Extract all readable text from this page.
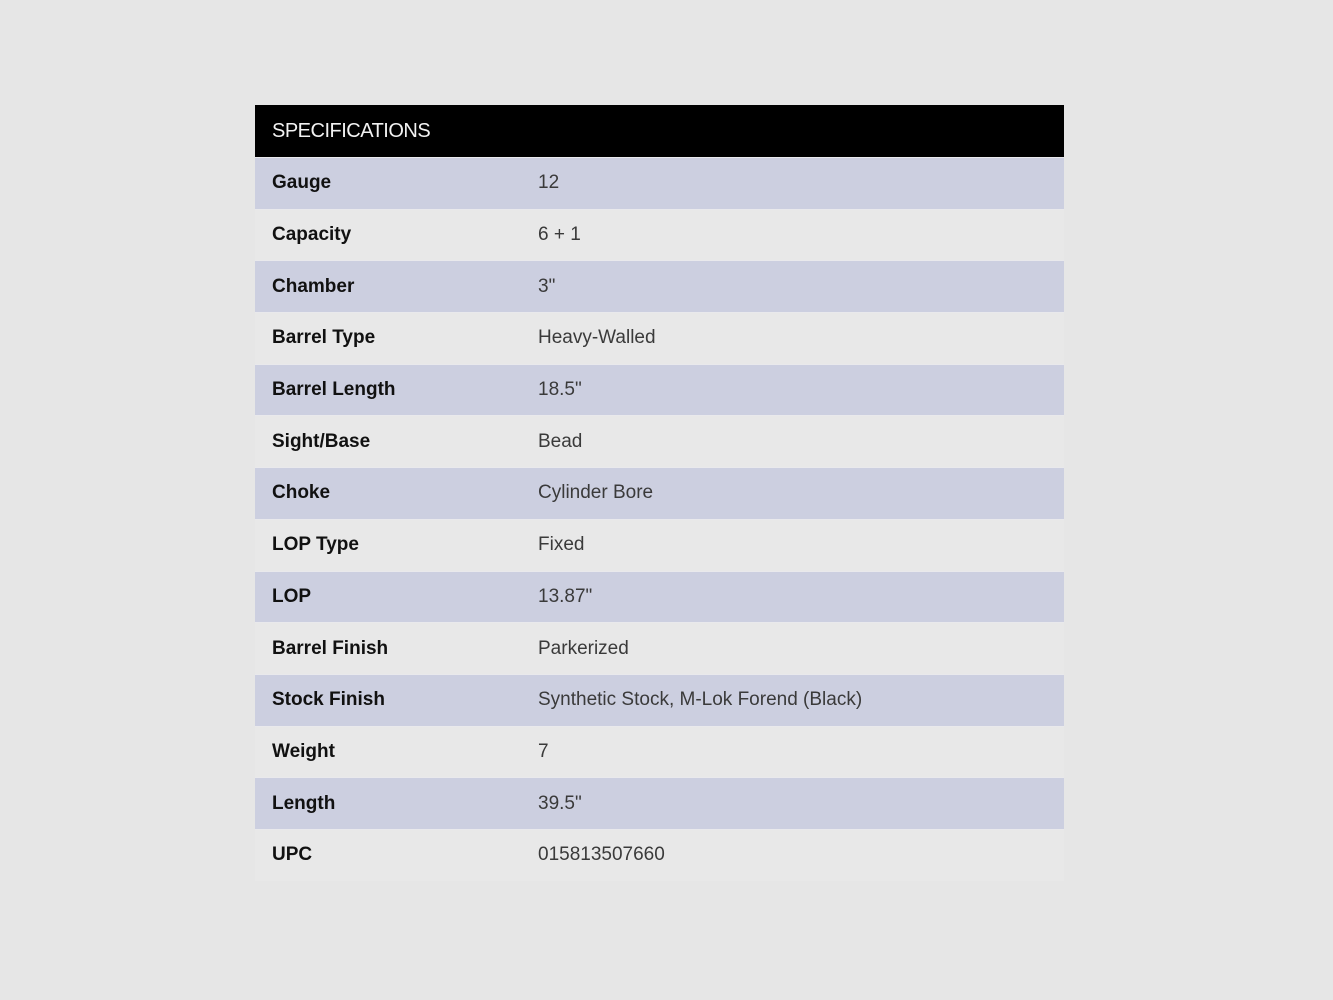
SPECIFICATIONS
Gauge	12
Capacity	6 + 1
Chamber	3"
Barrel Type	Heavy-Walled
Barrel Length	18.5"
Sight/Base	Bead
Choke	Cylinder Bore
LOP Type	Fixed
LOP	13.87"
Barrel Finish	Parkerized
Stock Finish	Synthetic Stock, M-Lok Forend (Black)
Weight	7
Length	39.5"
UPC	015813507660
